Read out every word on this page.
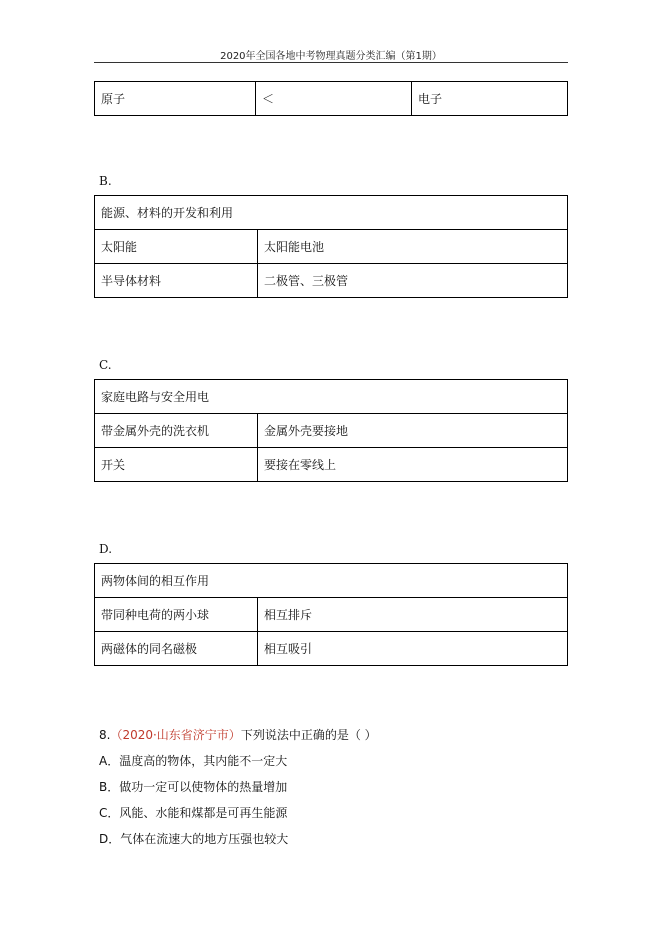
2020年全国各地中考物理真题分类汇编（第1期）
原子	＜	电子
B.
能源、材料的开发和利用	
太阳能	太阳能电池
半导体材料	二极管、三极管
C.
家庭电路与安全用电	
带金属外壳的洗衣机	金属外壳要接地
开关	要接在零线上
D.
两物体间的相互作用	
带同种电荷的两小球	相互排斥
两磁体的同名磁极	相互吸引
8.（2020·山东省济宁市）下列说法中正确的是（ ）
A．温度高的物体，其内能不一定大
B．做功一定可以使物体的热量增加
C．风能、水能和煤都是可再生能源
D．气体在流速大的地方压强也较大
